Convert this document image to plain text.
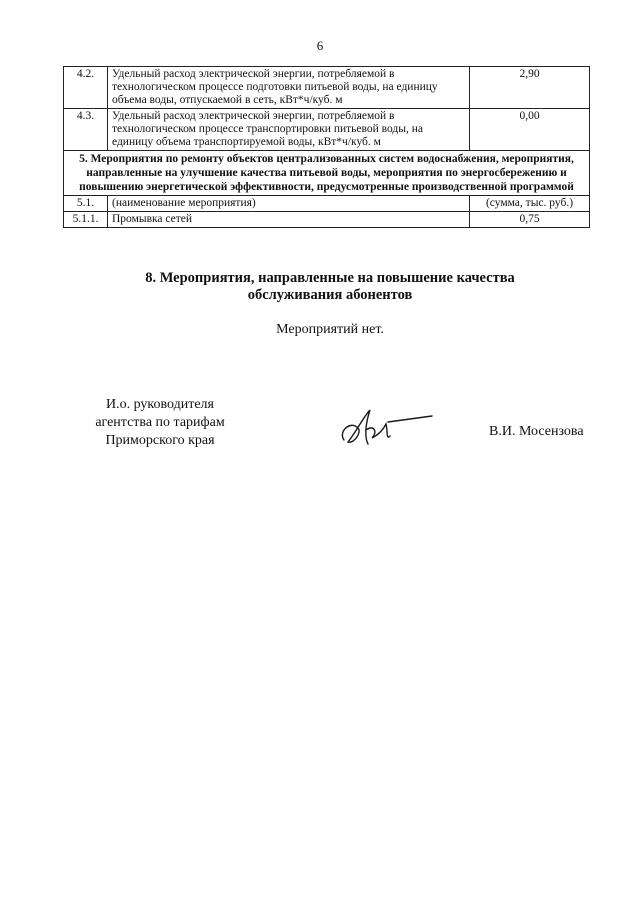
6
4.2.	Удельный расход электрической энергии, потребляемой в технологическом процессе подготовки питьевой воды, на единицу объема воды, отпускаемой в сеть, кВт*ч/куб. м	2,90
4.3.	Удельный расход электрической энергии, потребляемой в технологическом процессе транспортировки питьевой воды, на единицу объема транспортируемой воды, кВт*ч/куб. м	0,00
5. Мероприятия по ремонту объектов централизованных систем водоснабжения, мероприятия, направленные на улучшение качества питьевой воды, мероприятия по энергосбережению и повышению энергетической эффективности, предусмотренные производственной программой		
5.1.	(наименование мероприятия)	(сумма, тыс. руб.)
5.1.1.	Промывка сетей	0,75
8. Мероприятия, направленные на повышение качества
обслуживания абонентов
Мероприятий нет.
И.о. руководителя
агентства по тарифам
Приморского края
В.И. Мосензова
